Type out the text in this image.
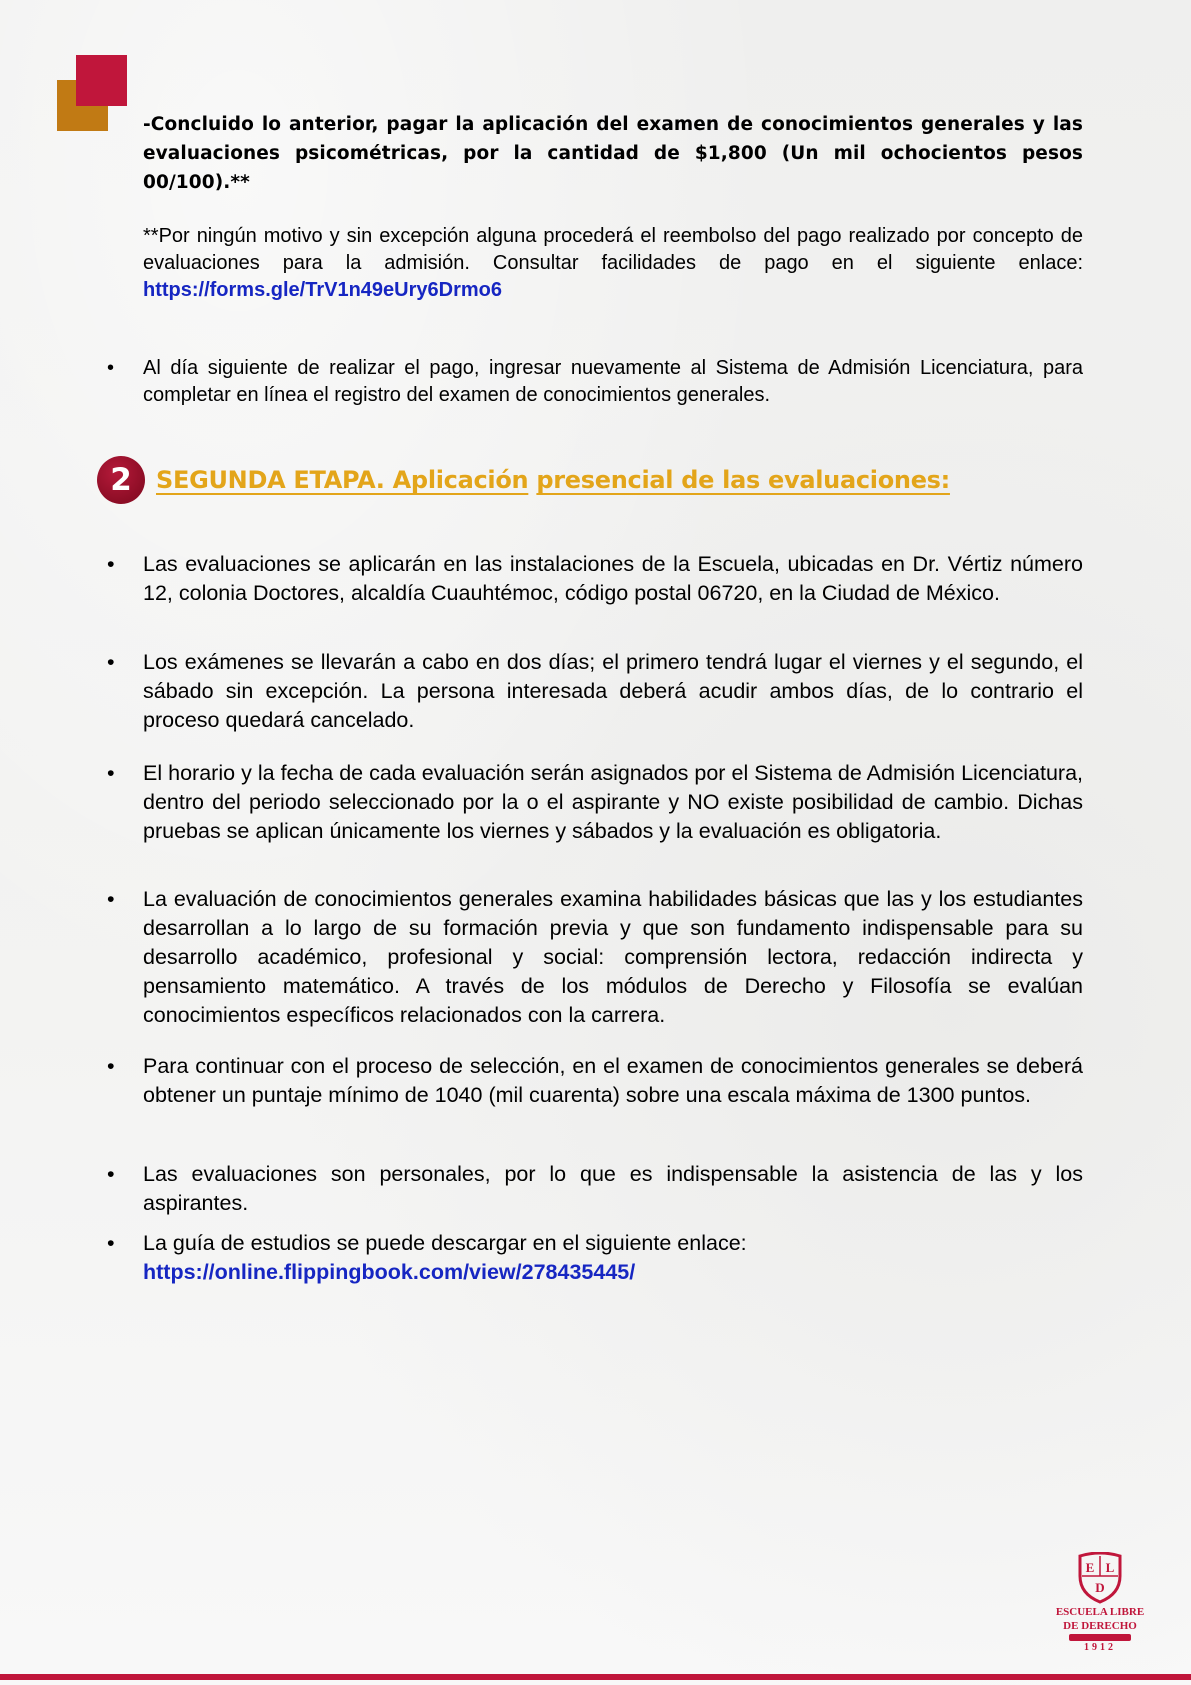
-Concluido lo anterior, pagar la aplicación del examen de conocimientos generales y las evaluaciones psicométricas, por la cantidad de $1,800 (Un mil ochocientos pesos 00/100).**

**Por ningún motivo y sin excepción alguna procederá el reembolso del pago realizado por concepto de evaluaciones para la admisión. Consultar facilidades de pago en el siguiente enlace: https://forms.gle/TrV1n49eUry6Drmo6

• Al día siguiente de realizar el pago, ingresar nuevamente al Sistema de Admisión Licenciatura, para completar en línea el registro del examen de conocimientos generales.

2	SEGUNDA ETAPA. Aplicación presencial de las evaluaciones:

• Las evaluaciones se aplicarán en las instalaciones de la Escuela, ubicadas en Dr. Vértiz número 12, colonia Doctores, alcaldía Cuauhtémoc, código postal 06720, en la Ciudad de México.

• Los exámenes se llevarán a cabo en dos días; el primero tendrá lugar el viernes y el segundo, el sábado sin excepción. La persona interesada deberá acudir ambos días, de lo contrario el proceso quedará cancelado.

• El horario y la fecha de cada evaluación serán asignados por el Sistema de Admisión Licenciatura, dentro del periodo seleccionado por la o el aspirante y NO existe posibilidad de cambio. Dichas pruebas se aplican únicamente los viernes y sábados y la evaluación es obligatoria.

• La evaluación de conocimientos generales examina habilidades básicas que las y los estudiantes desarrollan a lo largo de su formación previa y que son fundamento indispensable para su desarrollo académico, profesional y social: comprensión lectora, redacción indirecta y pensamiento matemático. A través de los módulos de Derecho y Filosofía se evalúan conocimientos específicos relacionados con la carrera.

• Para continuar con el proceso de selección, en el examen de conocimientos generales se deberá obtener un puntaje mínimo de 1040 (mil cuarenta) sobre una escala máxima de 1300 puntos.

• Las evaluaciones son personales, por lo que es indispensable la asistencia de las y los aspirantes.

• La guía de estudios se puede descargar en el siguiente enlace:
https://online.flippingbook.com/view/278435445/
E L
D
ESCUELA LIBRE
DE DERECHO
1912
